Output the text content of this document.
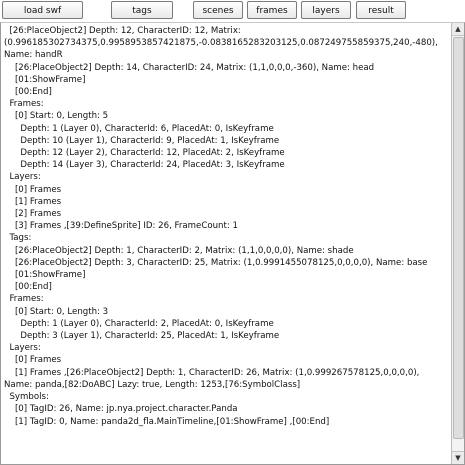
load swf	tags	scenes	frames	layers	result
[26:PlaceObject2] Depth: 12, CharacterID: 12, Matrix:
(0.996185302734375,0.9958953857421875,-0.0838165283203125,0.087249755859375,240,-480), Name: handR
[26:PlaceObject2] Depth: 14, CharacterID: 24, Matrix: (1,1,0,0,0,-360), Name: head
[01:ShowFrame]
[00:End]
Frames:
[0] Start: 0, Length: 5
Depth: 1 (Layer 0), CharacterId: 6, PlacedAt: 0, IsKeyframe
Depth: 10 (Layer 1), CharacterId: 9, PlacedAt: 1, IsKeyframe
Depth: 12 (Layer 2), CharacterId: 12, PlacedAt: 2, IsKeyframe
Depth: 14 (Layer 3), CharacterId: 24, PlacedAt: 3, IsKeyframe
Layers:
[0] Frames
[1] Frames
[2] Frames
[3] Frames ,[39:DefineSprite] ID: 26, FrameCount: 1
Tags:
[26:PlaceObject2] Depth: 1, CharacterID: 2, Matrix: (1,1,0,0,0,0), Name: shade
[26:PlaceObject2] Depth: 3, CharacterID: 25, Matrix: (1,0.9991455078125,0,0,0,0), Name: base
[01:ShowFrame]
[00:End]
Frames:
[0] Start: 0, Length: 3
Depth: 1 (Layer 0), CharacterId: 2, PlacedAt: 0, IsKeyframe
Depth: 3 (Layer 1), CharacterId: 25, PlacedAt: 1, IsKeyframe
Layers:
[0] Frames
[1] Frames ,[26:PlaceObject2] Depth: 1, CharacterID: 26, Matrix: (1,0.999267578125,0,0,0,0),
Name: panda,[82:DoABC] Lazy: true, Length: 1253,[76:SymbolClass]
Symbols:
[0] TagID: 26, Name: jp.nya.project.character.Panda
[1] TagID: 0, Name: panda2d_fla.MainTimeline,[01:ShowFrame] ,[00:End]
▲
▼
